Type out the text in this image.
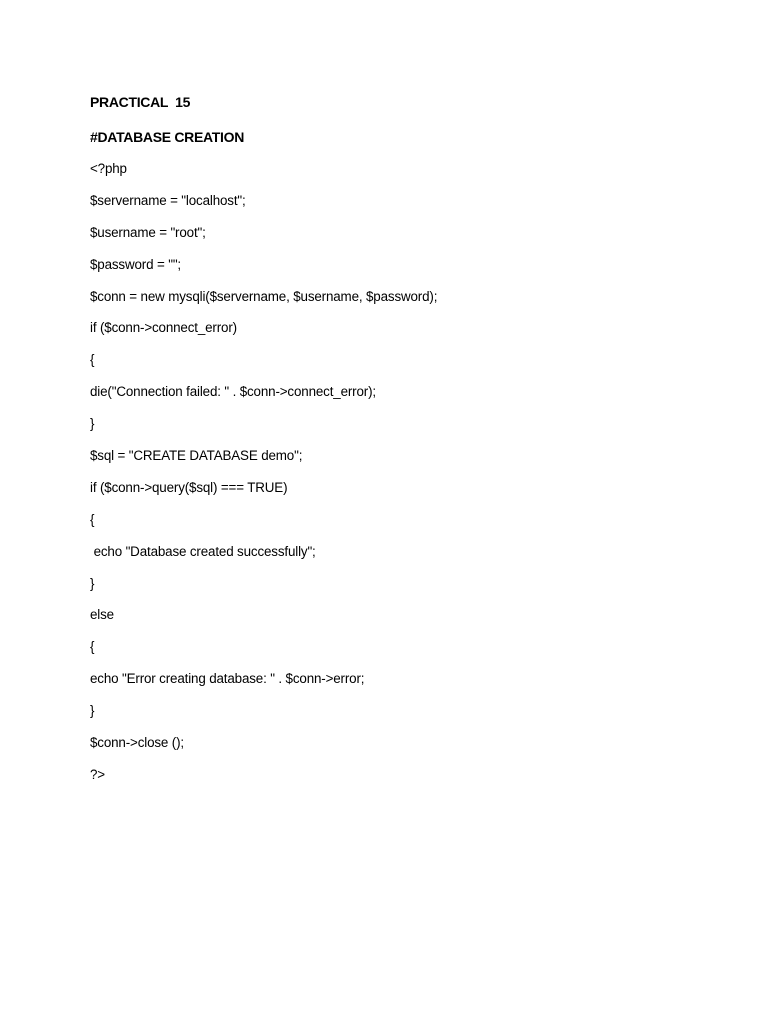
PRACTICAL  15

#DATABASE CREATION

<?php

$servername = "localhost";

$username = "root";

$password = "";

$conn = new mysqli($servername, $username, $password);

if ($conn->connect_error)

{

die("Connection failed: " . $conn->connect_error);

}

$sql = "CREATE DATABASE demo";

if ($conn->query($sql) === TRUE)

{

echo "Database created successfully";

}

else

{

echo "Error creating database: " . $conn->error;

}

$conn->close ();

?>
